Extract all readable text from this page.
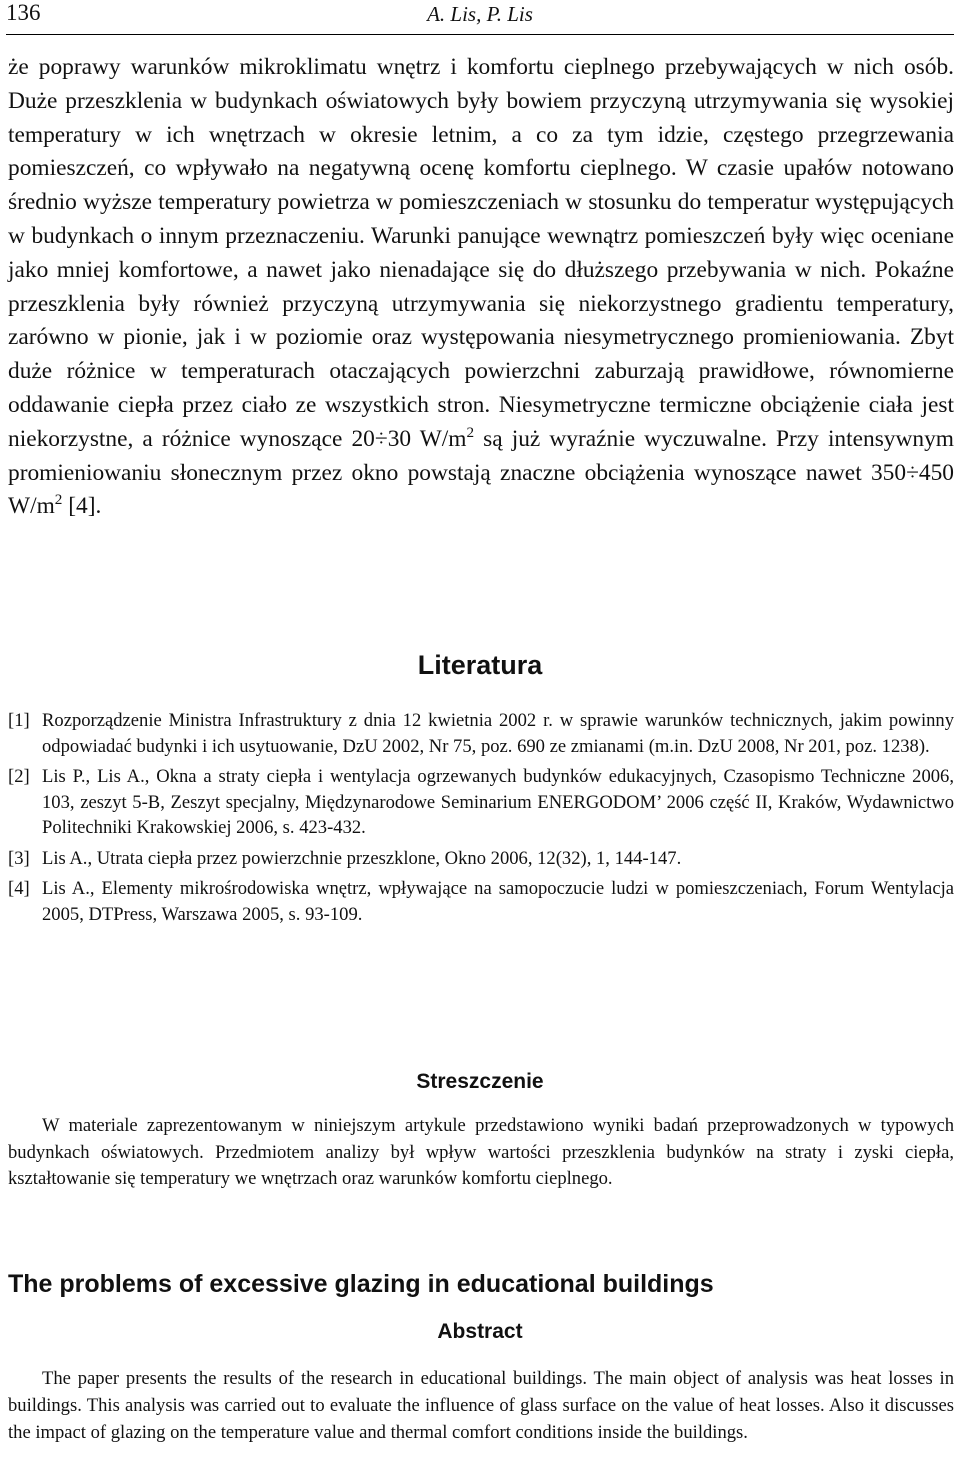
136	A. Lis, P. Lis

że poprawy warunków mikroklimatu wnętrz i komfortu cieplnego przebywających w nich osób. Duże przeszklenia w budynkach oświatowych były bowiem przyczyną utrzymywania się wysokiej temperatury w ich wnętrzach w okresie letnim, a co za tym idzie, częstego przegrzewania pomieszczeń, co wpływało na negatywną ocenę komfortu cieplnego. W czasie upałów notowano średnio wyższe temperatury powietrza w pomieszczeniach w stosunku do temperatur występujących w budynkach o innym przeznaczeniu. Warunki panujące wewnątrz pomieszczeń były więc oceniane jako mniej komfortowe, a nawet jako nienadające się do dłuższego przebywania w nich. Pokaźne przeszklenia były również przyczyną utrzymywania się niekorzystnego gradientu temperatury, zarówno w pionie, jak i w poziomie oraz występowania niesymetrycznego promieniowania. Zbyt duże różnice w temperaturach otaczających powierzchni zaburzają prawidłowe, równomierne oddawanie ciepła przez ciało ze wszystkich stron. Niesymetryczne termiczne obciążenie ciała jest niekorzystne, a różnice wynoszące 20÷30 $W/m^2$ są już wyraźnie wyczuwalne. Przy intensywnym promieniowaniu słonecznym przez okno powstają znaczne obciążenia wynoszące nawet 350÷450 $W/m^2$ [4].

Literatura
[1] Rozporządzenie Ministra Infrastruktury z dnia 12 kwietnia 2002 r. w sprawie warunków technicznych, jakim powinny odpowiadać budynki i ich usytuowanie, DzU 2002, Nr 75, poz. 690 ze zmianami (m.in. DzU 2008, Nr 201, poz. 1238).
[2] Lis P., Lis A., Okna a straty ciepła i wentylacja ogrzewanych budynków edukacyjnych, Czasopismo Techniczne 2006, 103, zeszyt 5-B, Zeszyt specjalny, Międzynarodowe Seminarium ENERGODOM’ 2006 część II, Kraków, Wydawnictwo Politechniki Krakowskiej 2006, s. 423-432.
[3] Lis A., Utrata ciepła przez powierzchnie przeszklone, Okno 2006, 12(32), 1, 144-147.
[4] Lis A., Elementy mikrośrodowiska wnętrz, wpływające na samopoczucie ludzi w pomieszczeniach, Forum Wentylacja 2005, DTPress, Warszawa 2005, s. 93-109.
Streszczenie

W materiale zaprezentowanym w niniejszym artykule przedstawiono wyniki badań przeprowadzonych w typowych budynkach oświatowych. Przedmiotem analizy był wpływ wartości przeszklenia budynków na straty i zyski ciepła, kształtowanie się temperatury we wnętrzach oraz warunków komfortu cieplnego.

The problems of excessive glazing in educational buildings
Abstract

The paper presents the results of the research in educational buildings. The main object of analysis was heat losses in buildings. This analysis was carried out to evaluate the influence of glass surface on the value of heat losses. Also it discusses the impact of glazing on the temperature value and thermal comfort conditions inside the buildings.
